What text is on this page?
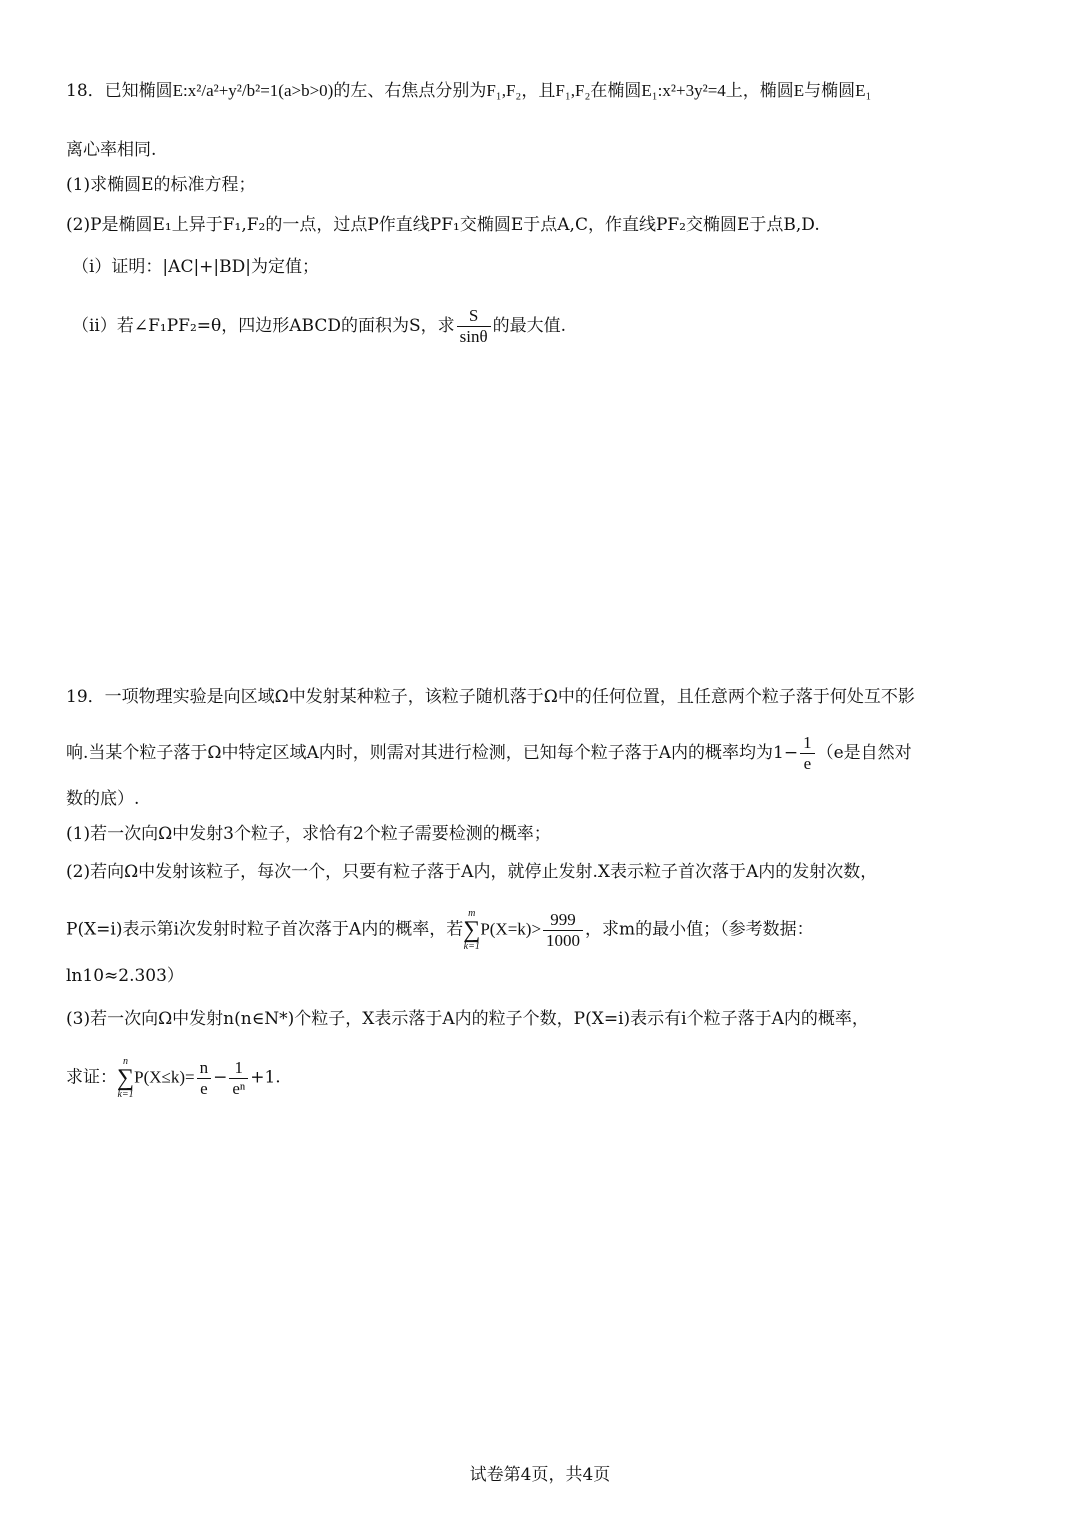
18．已知椭圆E:x²/a²+y²/b²=1(a>b>0)的左、右焦点分别为F₁,F₂，且F₁,F₂在椭圆E₁:x²+3y²=4上，椭圆E与椭圆E₁
离心率相同.
(1)求椭圆E的标准方程；
(2)P是椭圆E₁上异于F₁,F₂的一点，过点P作直线PF₁交椭圆E于点A,C，作直线PF₂交椭圆E于点B,D.
（i）证明：|AC|+|BD|为定值；
（ii）若∠F₁PF₂=θ，四边形ABCD的面积为S，求 $\frac{S}{\sin\theta}$ 的最大值.
19．一项物理实验是向区域Ω中发射某种粒子，该粒子随机落于Ω中的任何位置，且任意两个粒子落于何处互不影
响.当某个粒子落于Ω中特定区域A内时，则需对其进行检测，已知每个粒子落于A内的概率均为$1- \frac{1}{e} (e$是自然对
数的底）.
(1)若一次向Ω中发射3个粒子，求恰有2个粒子需要检测的概率；
(2)若向Ω中发射该粒子，每次一个，只要有粒子落于A内，就停止发射.X表示粒子首次落于A内的发射次数，
P(X=i)表示第i次发射时粒子首次落于A内的概率，若
m
∑
k=1
$P(X=k)> \frac{999}{1000}$ ，求m的最小值；（参考数据：
ln10≈2.303）
(3)若一次向Ω中发射n(n∈N*)个粒子，X表示落于A内的粒子个数，P(X=i)表示有i个粒子落于A内的概率，
求证：
n
∑
k=1
$P(X\le k)= \frac{n}{e} - \frac{1}{\text{eⁿ}} +1$.
试卷第4页，共4页
